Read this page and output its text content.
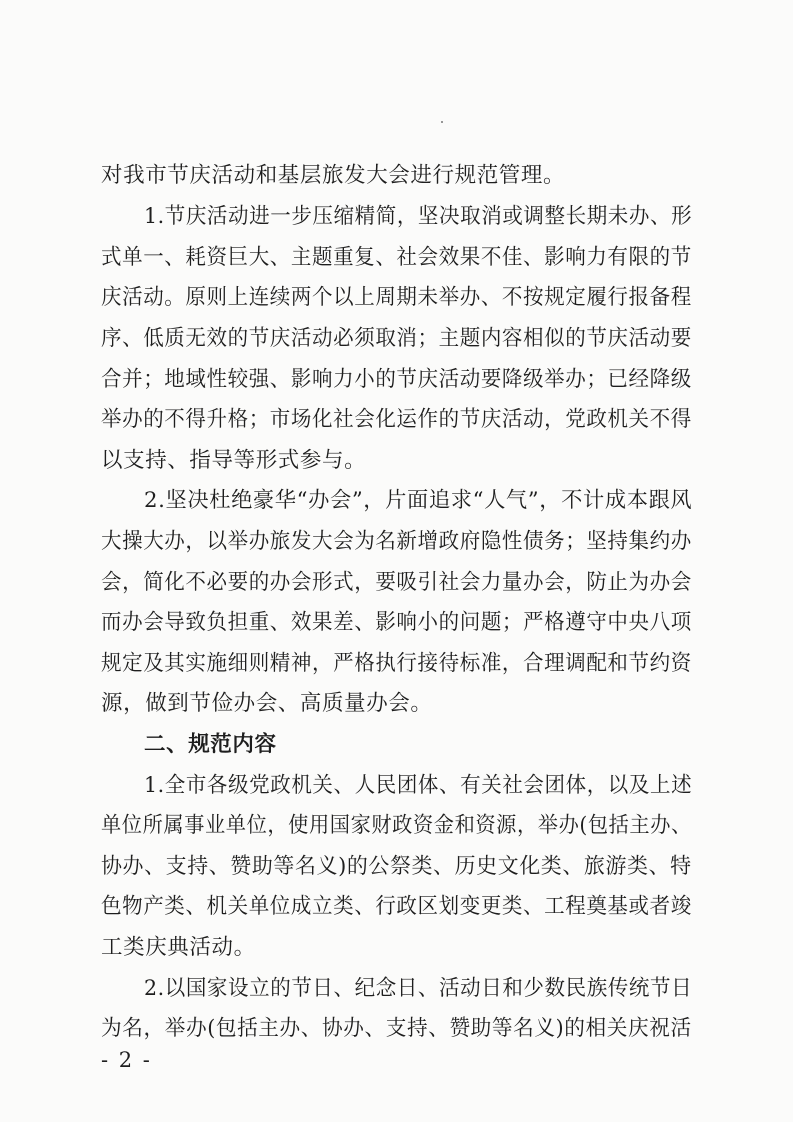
对我市节庆活动和基层旅发大会进行规范管理。
1.节庆活动进一步压缩精简，坚决取消或调整长期未办、形
式单一、耗资巨大、主题重复、社会效果不佳、影响力有限的节
庆活动。原则上连续两个以上周期未举办、不按规定履行报备程
序、低质无效的节庆活动必须取消；主题内容相似的节庆活动要
合并；地域性较强、影响力小的节庆活动要降级举办；已经降级
举办的不得升格；市场化社会化运作的节庆活动，党政机关不得
以支持、指导等形式参与。
2.坚决杜绝豪华“办会”，片面追求“人气”，不计成本跟风
大操大办，以举办旅发大会为名新增政府隐性债务；坚持集约办
会，简化不必要的办会形式，要吸引社会力量办会，防止为办会
而办会导致负担重、效果差、影响小的问题；严格遵守中央八项
规定及其实施细则精神，严格执行接待标准，合理调配和节约资
源，做到节俭办会、高质量办会。
二、规范内容
1.全市各级党政机关、人民团体、有关社会团体，以及上述
单位所属事业单位，使用国家财政资金和资源，举办(包括主办、
协办、支持、赞助等名义)的公祭类、历史文化类、旅游类、特
色物产类、机关单位成立类、行政区划变更类、工程奠基或者竣
工类庆典活动。
2.以国家设立的节日、纪念日、活动日和少数民族传统节日
为名，举办(包括主办、协办、支持、赞助等名义)的相关庆祝活
- 2 -
